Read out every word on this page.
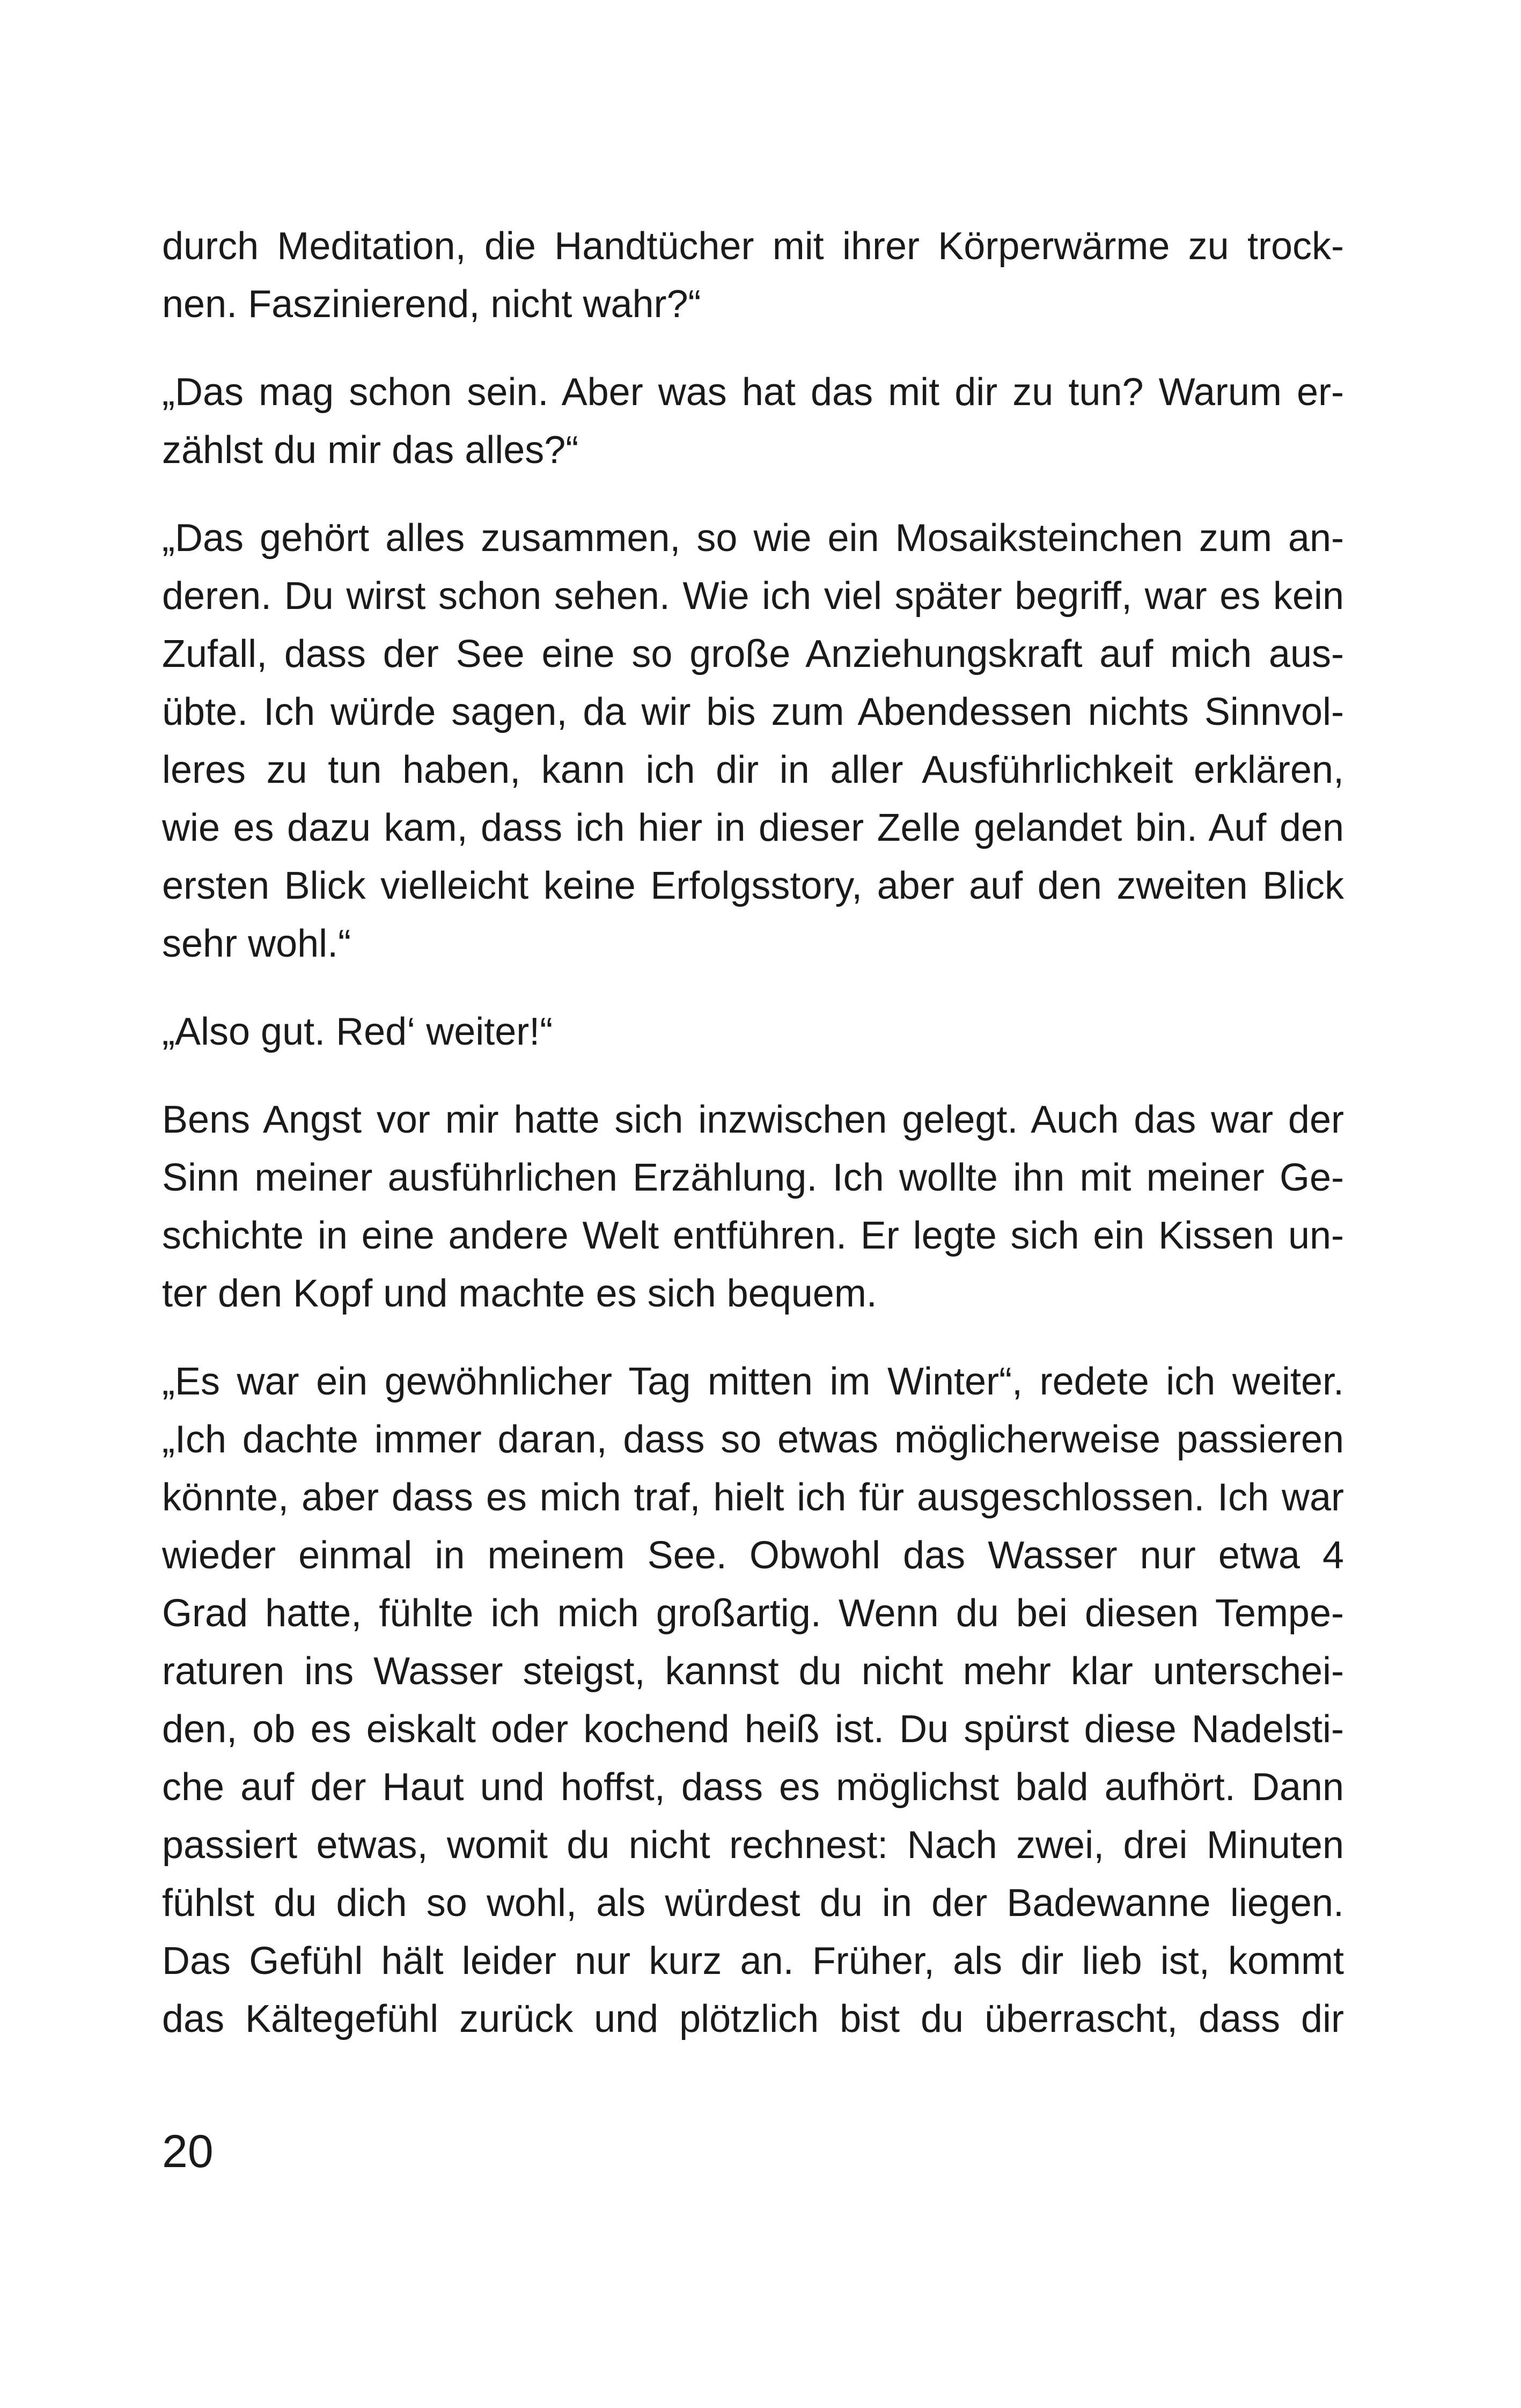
durch Meditation, die Handtücher mit ihrer Körperwärme zu trock-
nen. Faszinierend, nicht wahr?“

„Das mag schon sein. Aber was hat das mit dir zu tun? Warum er-
zählst du mir das alles?“

„Das gehört alles zusammen, so wie ein Mosaiksteinchen zum an-
deren. Du wirst schon sehen. Wie ich viel später begriff, war es kein
Zufall, dass der See eine so große Anziehungskraft auf mich aus-
übte. Ich würde sagen, da wir bis zum Abendessen nichts Sinnvol-
leres zu tun haben, kann ich dir in aller Ausführlichkeit erklären,
wie es dazu kam, dass ich hier in dieser Zelle gelandet bin. Auf den
ersten Blick vielleicht keine Erfolgsstory, aber auf den zweiten Blick
sehr wohl.“

„Also gut. Red‘ weiter!“

Bens Angst vor mir hatte sich inzwischen gelegt. Auch das war der
Sinn meiner ausführlichen Erzählung. Ich wollte ihn mit meiner Ge-
schichte in eine andere Welt entführen. Er legte sich ein Kissen un-
ter den Kopf und machte es sich bequem.

„Es war ein gewöhnlicher Tag mitten im Winter“, redete ich weiter.
„Ich dachte immer daran, dass so etwas möglicherweise passieren
könnte, aber dass es mich traf, hielt ich für ausgeschlossen. Ich war
wieder einmal in meinem See. Obwohl das Wasser nur etwa 4
Grad hatte, fühlte ich mich großartig. Wenn du bei diesen Tempe-
raturen ins Wasser steigst, kannst du nicht mehr klar unterschei-
den, ob es eiskalt oder kochend heiß ist. Du spürst diese Nadelsti-
che auf der Haut und hoffst, dass es möglichst bald aufhört. Dann
passiert etwas, womit du nicht rechnest: Nach zwei, drei Minuten
fühlst du dich so wohl, als würdest du in der Badewanne liegen.
Das Gefühl hält leider nur kurz an. Früher, als dir lieb ist, kommt
das Kältegefühl zurück und plötzlich bist du überrascht, dass dir

20
